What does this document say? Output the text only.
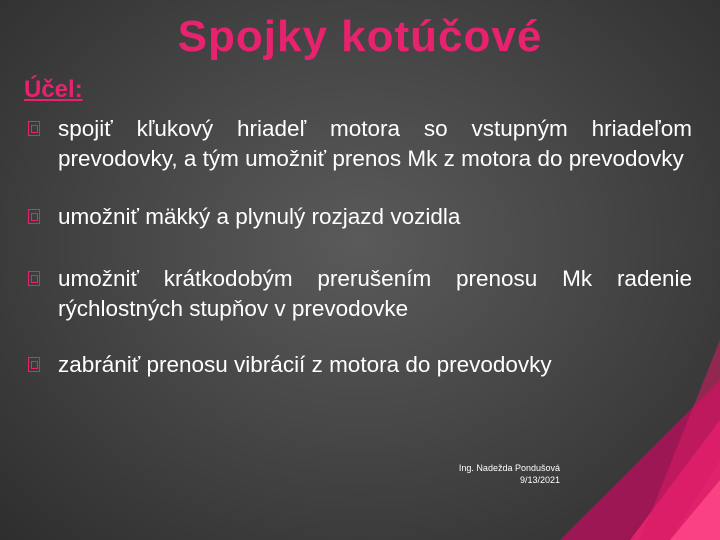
Spojky kotúčové
Účel:
spojiť kľukový hriadeľ motora so vstupným hriadeľom prevodovky, a tým umožniť prenos Mk z motora do prevodovky
umožniť mäkký a plynulý rozjazd vozidla
umožniť krátkodobým prerušením prenosu Mk radenie rýchlostných stupňov v prevodovke
zabrániť prenosu vibrácií z motora do prevodovky
Ing. Nadežda Pondušová
9/13/2021
